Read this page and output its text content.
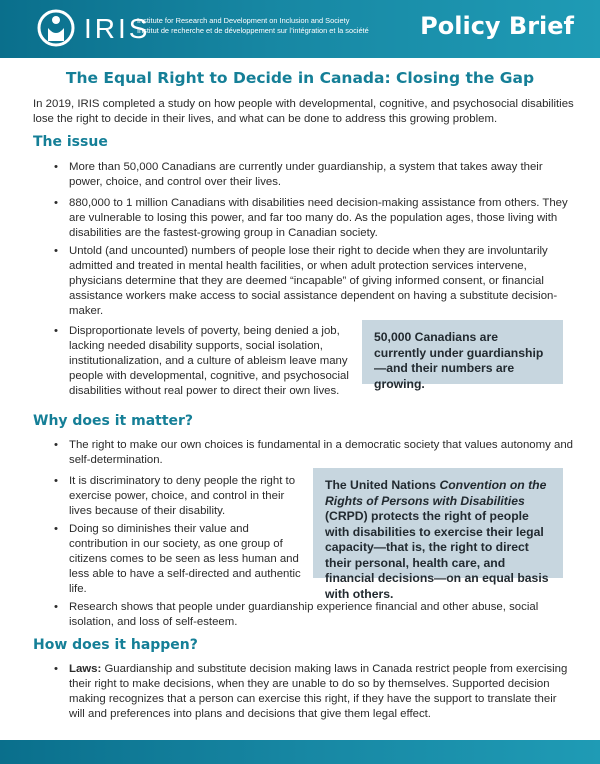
IRIS
Institute for Research and Development on Inclusion and Society
Institut de recherche et de développement sur l’intégration et la société Policy Brief
The Equal Right to Decide in Canada: Closing the Gap
In 2019, IRIS completed a study on how people with developmental, cognitive, and psychosocial disabilities lose the right to decide in their lives, and what can be done to address this growing problem.
The issue
• More than 50,000 Canadians are currently under guardianship, a system that takes away their power, choice, and control over their lives.
• 880,000 to 1 million Canadians with disabilities need decision-making assistance from others. They are vulnerable to losing this power, and far too many do. As the population ages, those living with disabilities are the fastest-growing group in Canadian society.
• Untold (and uncounted) numbers of people lose their right to decide when they are involuntarily admitted and treated in mental health facilities, or when adult protection services intervene, physicians determine that they are deemed “incapable” of giving informed consent, or financial assistance workers make access to social assistance dependent on having a substitute decision-maker.
• Disproportionate levels of poverty, being denied a job, lacking needed disability supports, social isolation, institutionalization, and a culture of ableism leave many people with developmental, cognitive, and psychosocial disabilities without real power to direct their own lives.
50,000 Canadians are currently under guardianship—and their numbers are growing.
Why does it matter?
• The right to make our own choices is fundamental in a democratic society that values autonomy and self-determination.
• It is discriminatory to deny people the right to exercise power, choice, and control in their lives because of their disability.
• Doing so diminishes their value and contribution in our society, as one group of citizens comes to be seen as less human and less able to have a self-directed and authentic life.
The United Nations Convention on the Rights of Persons with Disabilities (CRPD) protects the right of people with disabilities to exercise their legal capacity—that is, the right to direct their personal, health care, and financial decisions—on an equal basis with others.
• Research shows that people under guardianship experience financial and other abuse, social isolation, and loss of self-esteem.
How does it happen?
• Laws: Guardianship and substitute decision making laws in Canada restrict people from exercising their right to make decisions, when they are unable to do so by themselves. Supported decision making recognizes that a person can exercise this right, if they have the support to translate their will and preferences into plans and decisions that give them legal effect.
